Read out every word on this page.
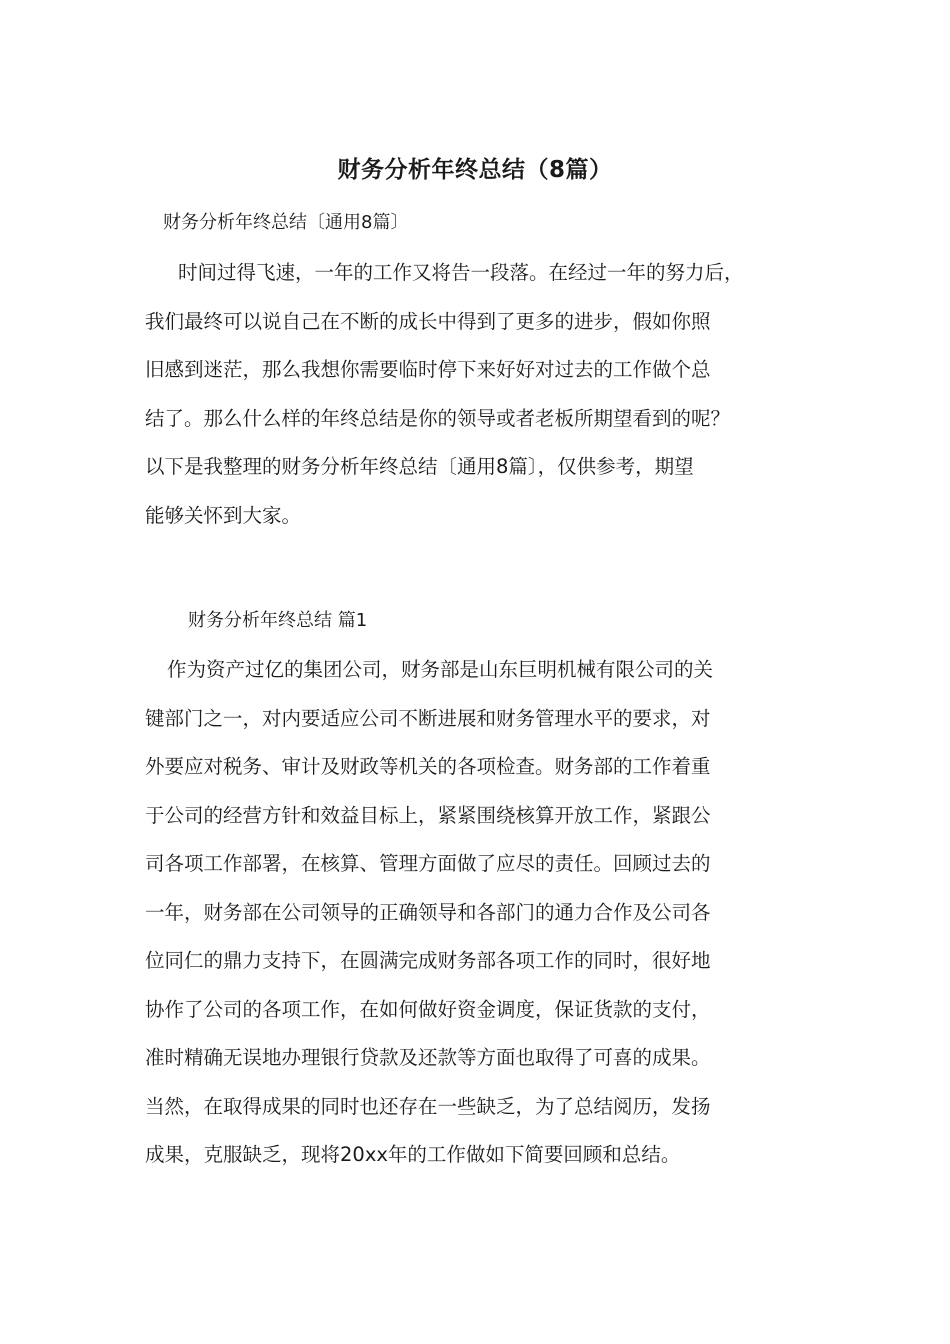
财务分析年终总结（8篇）
财务分析年终总结〔通用8篇〕
时间过得飞速，一年的工作又将告一段落。在经过一年的努力后，
我们最终可以说自己在不断的成长中得到了更多的进步，假如你照
旧感到迷茫，那么我想你需要临时停下来好好对过去的工作做个总
结了。那么什么样的年终总结是你的领导或者老板所期望看到的呢？
以下是我整理的财务分析年终总结〔通用8篇〕，仅供参考，期望
能够关怀到大家。
财务分析年终总结 篇1
作为资产过亿的集团公司，财务部是山东巨明机械有限公司的关
键部门之一，对内要适应公司不断进展和财务管理水平的要求，对
外要应对税务、审计及财政等机关的各项检查。财务部的工作着重
于公司的经营方针和效益目标上，紧紧围绕核算开放工作，紧跟公
司各项工作部署，在核算、管理方面做了应尽的责任。回顾过去的
一年，财务部在公司领导的正确领导和各部门的通力合作及公司各
位同仁的鼎力支持下，在圆满完成财务部各项工作的同时，很好地
协作了公司的各项工作，在如何做好资金调度，保证货款的支付，
准时精确无误地办理银行贷款及还款等方面也取得了可喜的成果。
当然，在取得成果的同时也还存在一些缺乏，为了总结阅历，发扬
成果，克服缺乏，现将20xx年的工作做如下简要回顾和总结。
